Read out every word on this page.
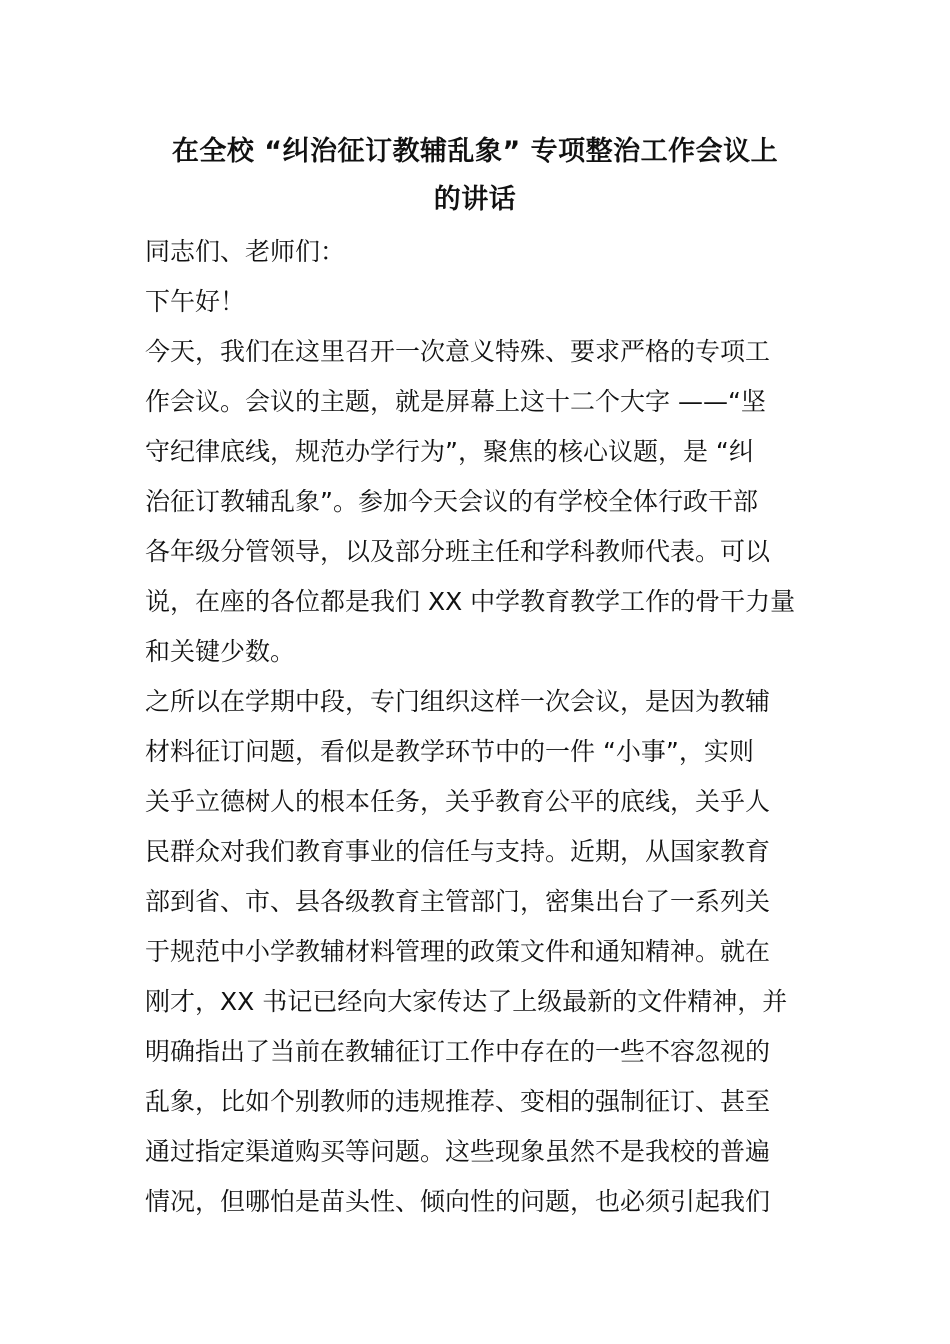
在全校 “纠治征订教辅乱象” 专项整治工作会议上
的讲话
同志们、老师们：
下午好！
今天，我们在这里召开一次意义特殊、要求严格的专项工
作会议。会议的主题，就是屏幕上这十二个大字 ——“坚
守纪律底线，规范办学行为”，聚焦的核心议题，是 “纠
治征订教辅乱象”。参加今天会议的有学校全体行政干部
各年级分管领导，以及部分班主任和学科教师代表。可以
说，在座的各位都是我们 XX 中学教育教学工作的骨干力量
和关键少数。
之所以在学期中段，专门组织这样一次会议，是因为教辅
材料征订问题，看似是教学环节中的一件 “小事”，实则
关乎立德树人的根本任务，关乎教育公平的底线，关乎人
民群众对我们教育事业的信任与支持。近期，从国家教育
部到省、市、县各级教育主管部门，密集出台了一系列关
于规范中小学教辅材料管理的政策文件和通知精神。就在
刚才，XX 书记已经向大家传达了上级最新的文件精神，并
明确指出了当前在教辅征订工作中存在的一些不容忽视的
乱象，比如个别教师的违规推荐、变相的强制征订、甚至
通过指定渠道购买等问题。这些现象虽然不是我校的普遍
情况，但哪怕是苗头性、倾向性的问题，也必须引起我们
